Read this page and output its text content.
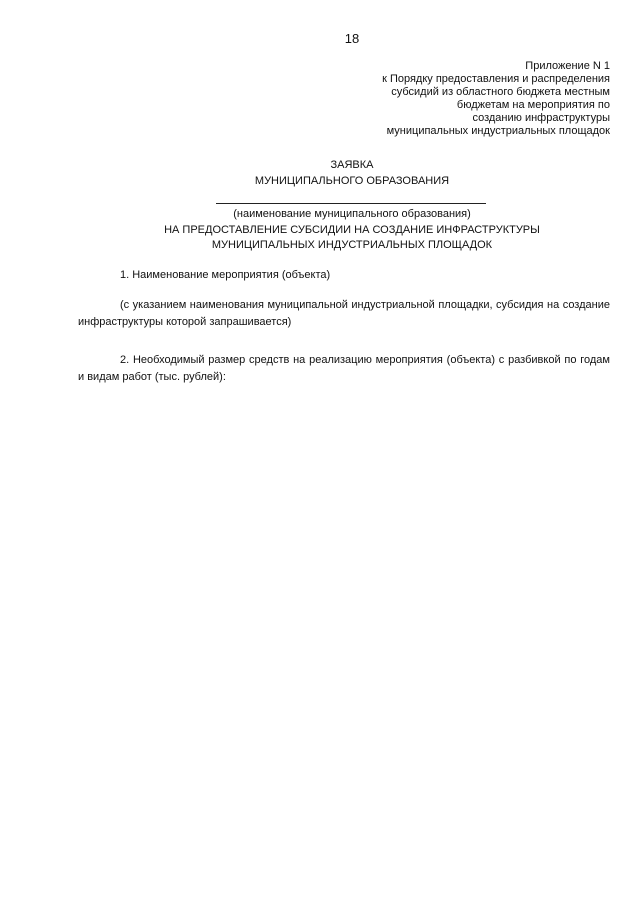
18
Приложение N 1
к Порядку предоставления и распределения
субсидий из областного бюджета местным
бюджетам на мероприятия по
созданию инфраструктуры
муниципальных индустриальных площадок
ЗАЯВКА
МУНИЦИПАЛЬНОГО ОБРАЗОВАНИЯ
(наименование муниципального образования)
НА ПРЕДОСТАВЛЕНИЕ СУБСИДИИ НА СОЗДАНИЕ ИНФРАСТРУКТУРЫ
МУНИЦИПАЛЬНЫХ ИНДУСТРИАЛЬНЫХ ПЛОЩАДОК
1. Наименование мероприятия (объекта)
(с указанием наименования муниципальной индустриальной площадки, субсидия на создание инфраструктуры которой запрашивается)
2. Необходимый размер средств на реализацию мероприятия (объекта) с разбивкой по годам и видам работ (тыс. рублей):
